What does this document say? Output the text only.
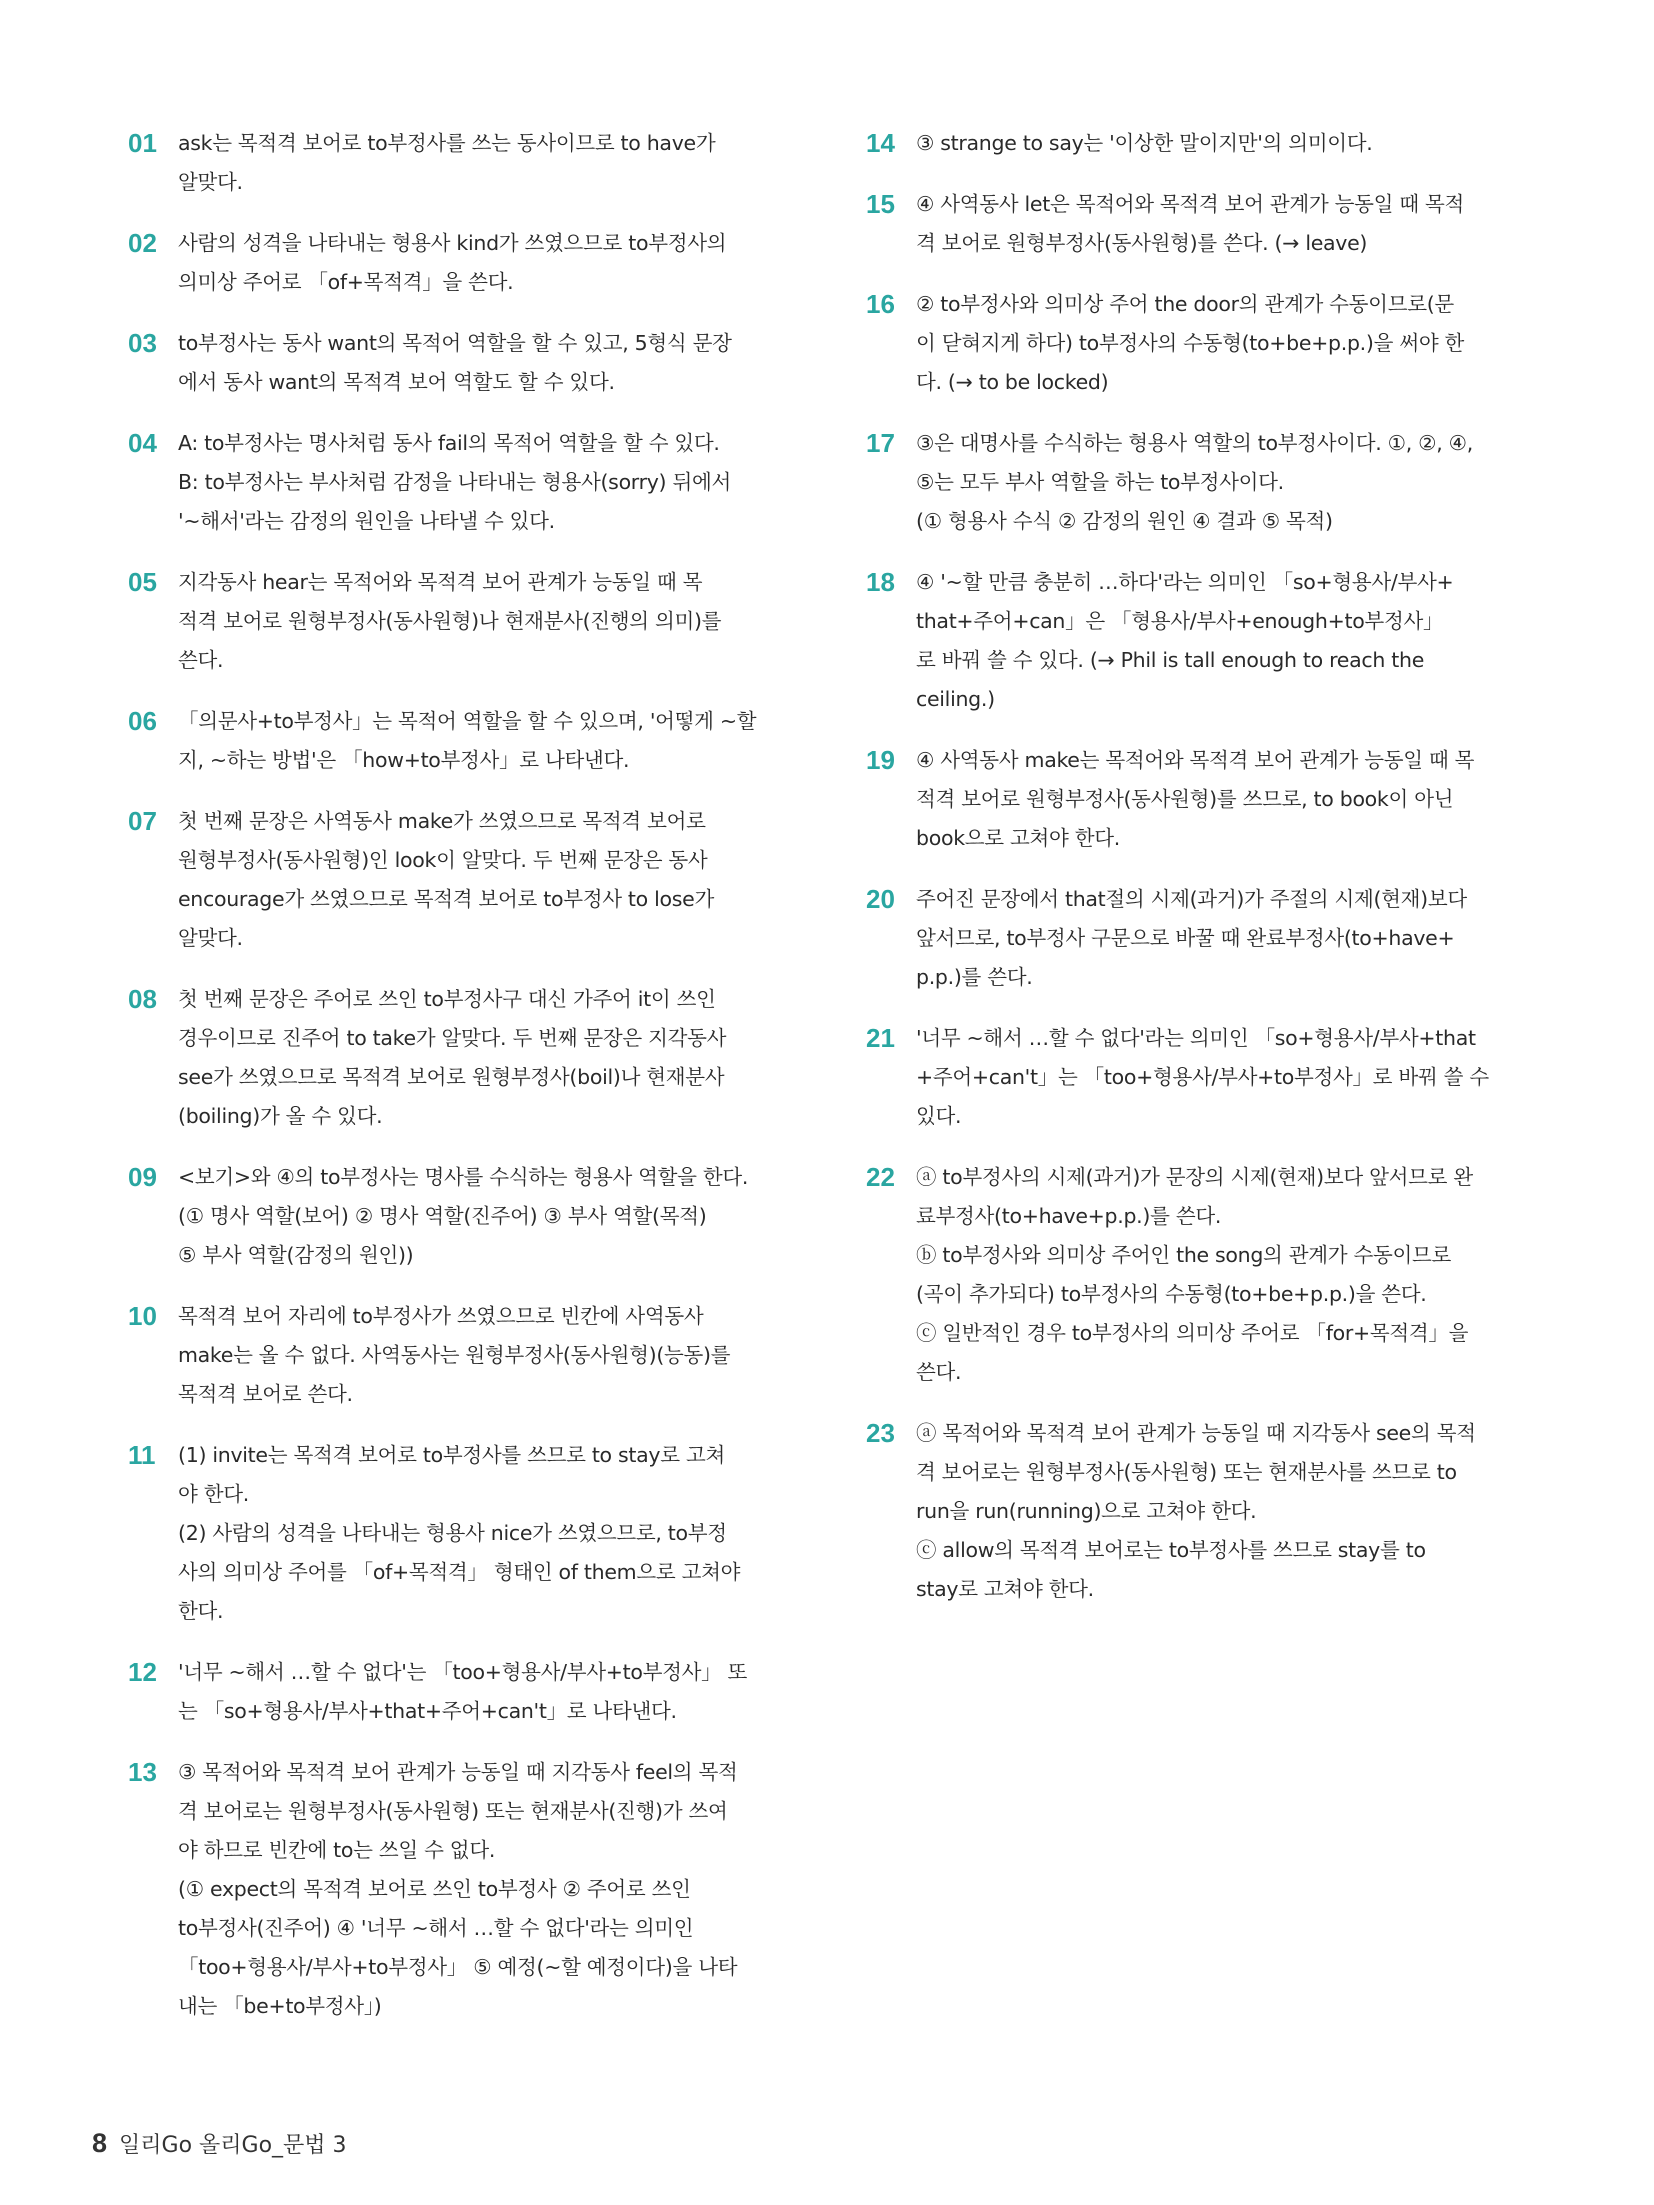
01 ask는 목적격 보어로 to부정사를 쓰는 동사이므로 to have가
알맞다.
02 사람의 성격을 나타내는 형용사 kind가 쓰였으므로 to부정사의
의미상 주어로 「of+목적격」을 쓴다.
03 to부정사는 동사 want의 목적어 역할을 할 수 있고, 5형식 문장
에서 동사 want의 목적격 보어 역할도 할 수 있다.
04 A: to부정사는 명사처럼 동사 fail의 목적어 역할을 할 수 있다.
B: to부정사는 부사처럼 감정을 나타내는 형용사(sorry) 뒤에서
'~해서'라는 감정의 원인을 나타낼 수 있다.
05 지각동사 hear는 목적어와 목적격 보어 관계가 능동일 때 목
적격 보어로 원형부정사(동사원형)나 현재분사(진행의 의미)를
쓴다.
06 「의문사+to부정사」는 목적어 역할을 할 수 있으며, '어떻게 ~할
지, ~하는 방법'은 「how+to부정사」로 나타낸다.
07 첫 번째 문장은 사역동사 make가 쓰였으므로 목적격 보어로
원형부정사(동사원형)인 look이 알맞다. 두 번째 문장은 동사
encourage가 쓰였으므로 목적격 보어로 to부정사 to lose가
알맞다.
08 첫 번째 문장은 주어로 쓰인 to부정사구 대신 가주어 it이 쓰인
경우이므로 진주어 to take가 알맞다. 두 번째 문장은 지각동사
see가 쓰였으므로 목적격 보어로 원형부정사(boil)나 현재분사
(boiling)가 올 수 있다.
09 <보기>와 ④의 to부정사는 명사를 수식하는 형용사 역할을 한다.
(① 명사 역할(보어) ② 명사 역할(진주어) ③ 부사 역할(목적)
⑤ 부사 역할(감정의 원인))
10 목적격 보어 자리에 to부정사가 쓰였으므로 빈칸에 사역동사
make는 올 수 없다. 사역동사는 원형부정사(동사원형)(능동)를
목적격 보어로 쓴다.
11 (1) invite는 목적격 보어로 to부정사를 쓰므로 to stay로 고쳐
야 한다.
(2) 사람의 성격을 나타내는 형용사 nice가 쓰였으므로, to부정
사의 의미상 주어를 「of+목적격」 형태인 of them으로 고쳐야
한다.
12 '너무 ~해서 …할 수 없다'는 「too+형용사/부사+to부정사」 또
는 「so+형용사/부사+that+주어+can't」로 나타낸다.
13 ③ 목적어와 목적격 보어 관계가 능동일 때 지각동사 feel의 목적
격 보어로는 원형부정사(동사원형) 또는 현재분사(진행)가 쓰여
야 하므로 빈칸에 to는 쓰일 수 없다.
(① expect의 목적격 보어로 쓰인 to부정사 ② 주어로 쓰인
to부정사(진주어) ④ '너무 ~해서 …할 수 없다'라는 의미인
「too+형용사/부사+to부정사」 ⑤ 예정(~할 예정이다)을 나타
내는 「be+to부정사」)
14 ③ strange to say는 '이상한 말이지만'의 의미이다.
15 ④ 사역동사 let은 목적어와 목적격 보어 관계가 능동일 때 목적
격 보어로 원형부정사(동사원형)를 쓴다. (→ leave)
16 ② to부정사와 의미상 주어 the door의 관계가 수동이므로(문
이 닫혀지게 하다) to부정사의 수동형(to+be+p.p.)을 써야 한
다. (→ to be locked)
17 ③은 대명사를 수식하는 형용사 역할의 to부정사이다. ①, ②, ④,
⑤는 모두 부사 역할을 하는 to부정사이다.
(① 형용사 수식 ② 감정의 원인 ④ 결과 ⑤ 목적)
18 ④ '~할 만큼 충분히 …하다'라는 의미인 「so+형용사/부사+
that+주어+can」은 「형용사/부사+enough+to부정사」
로 바꿔 쓸 수 있다. (→ Phil is tall enough to reach the
ceiling.)
19 ④ 사역동사 make는 목적어와 목적격 보어 관계가 능동일 때 목
적격 보어로 원형부정사(동사원형)를 쓰므로, to book이 아닌
book으로 고쳐야 한다.
20 주어진 문장에서 that절의 시제(과거)가 주절의 시제(현재)보다
앞서므로, to부정사 구문으로 바꿀 때 완료부정사(to+have+
p.p.)를 쓴다.
21 '너무 ~해서 …할 수 없다'라는 의미인 「so+형용사/부사+that
+주어+can't」는 「too+형용사/부사+to부정사」로 바꿔 쓸 수
있다.
22 ⓐ to부정사의 시제(과거)가 문장의 시제(현재)보다 앞서므로 완
료부정사(to+have+p.p.)를 쓴다.
ⓑ to부정사와 의미상 주어인 the song의 관계가 수동이므로
(곡이 추가되다) to부정사의 수동형(to+be+p.p.)을 쓴다.
ⓒ 일반적인 경우 to부정사의 의미상 주어로 「for+목적격」을
쓴다.
23 ⓐ 목적어와 목적격 보어 관계가 능동일 때 지각동사 see의 목적
격 보어로는 원형부정사(동사원형) 또는 현재분사를 쓰므로 to
run을 run(running)으로 고쳐야 한다.
ⓒ allow의 목적격 보어로는 to부정사를 쓰므로 stay를 to
stay로 고쳐야 한다.
8 일리Go 올리Go_문법 3
